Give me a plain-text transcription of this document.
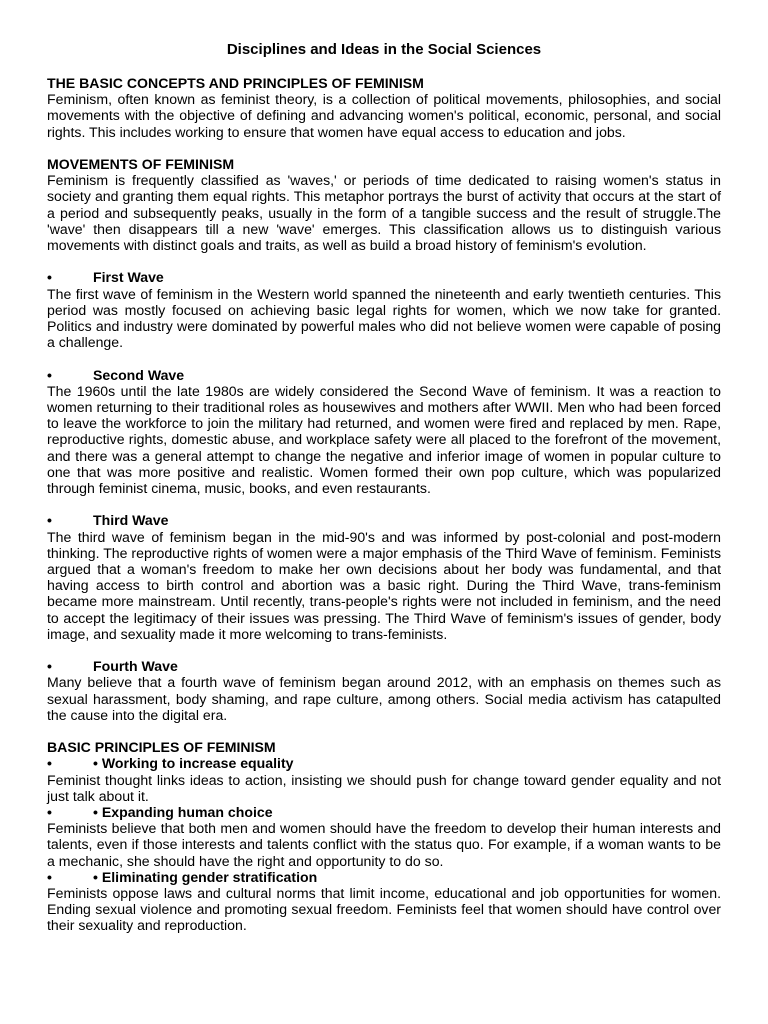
Disciplines and Ideas in the Social Sciences
THE BASIC CONCEPTS AND PRINCIPLES OF FEMINISM

Feminism, often known as feminist theory, is a collection of political movements, philosophies, and social movements with the objective of defining and advancing women's political, economic, personal, and social rights. This includes working to ensure that women have equal access to education and jobs.

MOVEMENTS OF FEMINISM

Feminism is frequently classified as 'waves,' or periods of time dedicated to raising women's status in society and granting them equal rights. This metaphor portrays the burst of activity that occurs at the start of a period and subsequently peaks, usually in the form of a tangible success and the result of struggle.The 'wave' then disappears till a new 'wave' emerges. This classification allows us to distinguish various movements with distinct goals and traits, as well as build a broad history of feminism's evolution.

•	First Wave

The first wave of feminism in the Western world spanned the nineteenth and early twentieth centuries. This period was mostly focused on achieving basic legal rights for women, which we now take for granted. Politics and industry were dominated by powerful males who did not believe women were capable of posing a challenge.

•	Second Wave

The 1960s until the late 1980s are widely considered the Second Wave of feminism. It was a reaction to women returning to their traditional roles as housewives and mothers after WWII. Men who had been forced to leave the workforce to join the military had returned, and women were fired and replaced by men. Rape, reproductive rights, domestic abuse, and workplace safety were all placed to the forefront of the movement, and there was a general attempt to change the negative and inferior image of women in popular culture to one that was more positive and realistic. Women formed their own pop culture, which was popularized through feminist cinema, music, books, and even restaurants.

•	Third Wave

The third wave of feminism began in the mid-90's and was informed by post-colonial and post-modern thinking. The reproductive rights of women were a major emphasis of the Third Wave of feminism. Feminists argued that a woman's freedom to make her own decisions about her body was fundamental, and that having access to birth control and abortion was a basic right. During the Third Wave, trans-feminism became more mainstream. Until recently, trans-people's rights were not included in feminism, and the need to accept the legitimacy of their issues was pressing. The Third Wave of feminism's issues of gender, body image, and sexuality made it more welcoming to trans-feminists.

•	Fourth Wave

Many believe that a fourth wave of feminism began around 2012, with an emphasis on themes such as sexual harassment, body shaming, and rape culture, among others. Social media activism has catapulted the cause into the digital era.

BASIC PRINCIPLES OF FEMINISM
•	• Working to increase equality

Feminist thought links ideas to action, insisting we should push for change toward gender equality and not just talk about it.

•	• Expanding human choice

Feminists believe that both men and women should have the freedom to develop their human interests and talents, even if those interests and talents conflict with the status quo. For example, if a woman wants to be a mechanic, she should have the right and opportunity to do so.

•	• Eliminating gender stratification

Feminists oppose laws and cultural norms that limit income, educational and job opportunities for women. Ending sexual violence and promoting sexual freedom. Feminists feel that women should have control over their sexuality and reproduction.
